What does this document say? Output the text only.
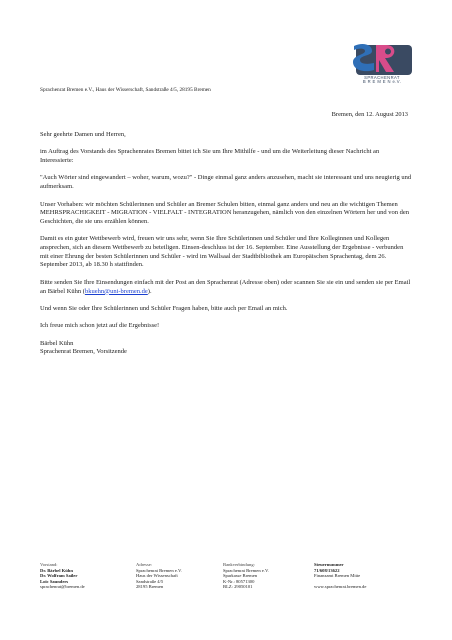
SPRACHENRAT
B R E M E N e.V.
Sprachenrat Bremen e.V., Haus der Wisserschaft, Sandstraße 4/5, 28195 Bremen
Bremen, den 12. August 2013

Sehr geehrte Damen und Herren,

im Auftrag des Vorstands des Sprachenrates Bremen bittet ich Sie um Ihre Mithilfe - und um die Weiterleitung dieser Nachricht an Interessierte:

"Auch Wörter sind eingewandert – woher, warum, wozu?" - Dinge einmal ganz anders anzusehen, macht sie interessant und uns neugierig und aufmerksam.

Unser Vorhaben: wir möchten Schülerinnen und Schüler an Bremer Schulen bitten, einmal ganz anders und neu an die wichtigen Themen MEHRSPRACHIGKEIT - MIGRATION - VIELFALT - INTEGRATION heranzugehen, nämlich von den einzelnen Wörtern her und von den Geschichten, die sie uns erzählen können.

Damit es ein guter Wettbewerb wird, freuen wir uns sehr, wenn Sie Ihre Schülerinnen und Schüler und Ihre Kolleginnen und Kollegen ansprechen, sich an diesem Wettbewerb zu beteiligen. Einsen-deschluss ist der 16. September. Eine Ausstellung der Ergebnisse - verbunden mit einer Ehrung der besten Schülerinnen und Schüler - wird im Wallsaal der Stadtbibliothek am Europäischen Sprachentag, dem 26. September 2013, ab 18.30 h stattfinden.

Bitte senden Sie Ihre Einsendungen einfach mit der Post an den Sprachenrat (Adresse oben) oder scannen Sie sie ein und senden sie per Email an Bärbel Kühn (bkuehn@uni-bremen.de).

Und wenn Sie oder Ihre Schülerinnen und Schüler Fragen haben, bitte auch per Email an mich.

Ich freue mich schon jetzt auf die Ergebnisse!

Bärbel Kühn
Sprachenrat Bremen, Vorsitzende
Vorstand:
Dr. Bärbel Kühn
Dr. Wolfram Sailer
Loïc Saunders
sprachenrat@bremen.de
Adresse:
Sprachenrat Bremen e.V.
Haus der Wissenschaft
Sandstraße 4/5
28195 Bremen
Bankverbindung:
Sprachenrat Bremen e.V.
Sparkasse Bremen
K-Nr.: 80571300
BLZ: 29050101
Steuernummer
71/608/13622
Finanzamt Bremen Mitte

www.sprachenrat.bremen.de
